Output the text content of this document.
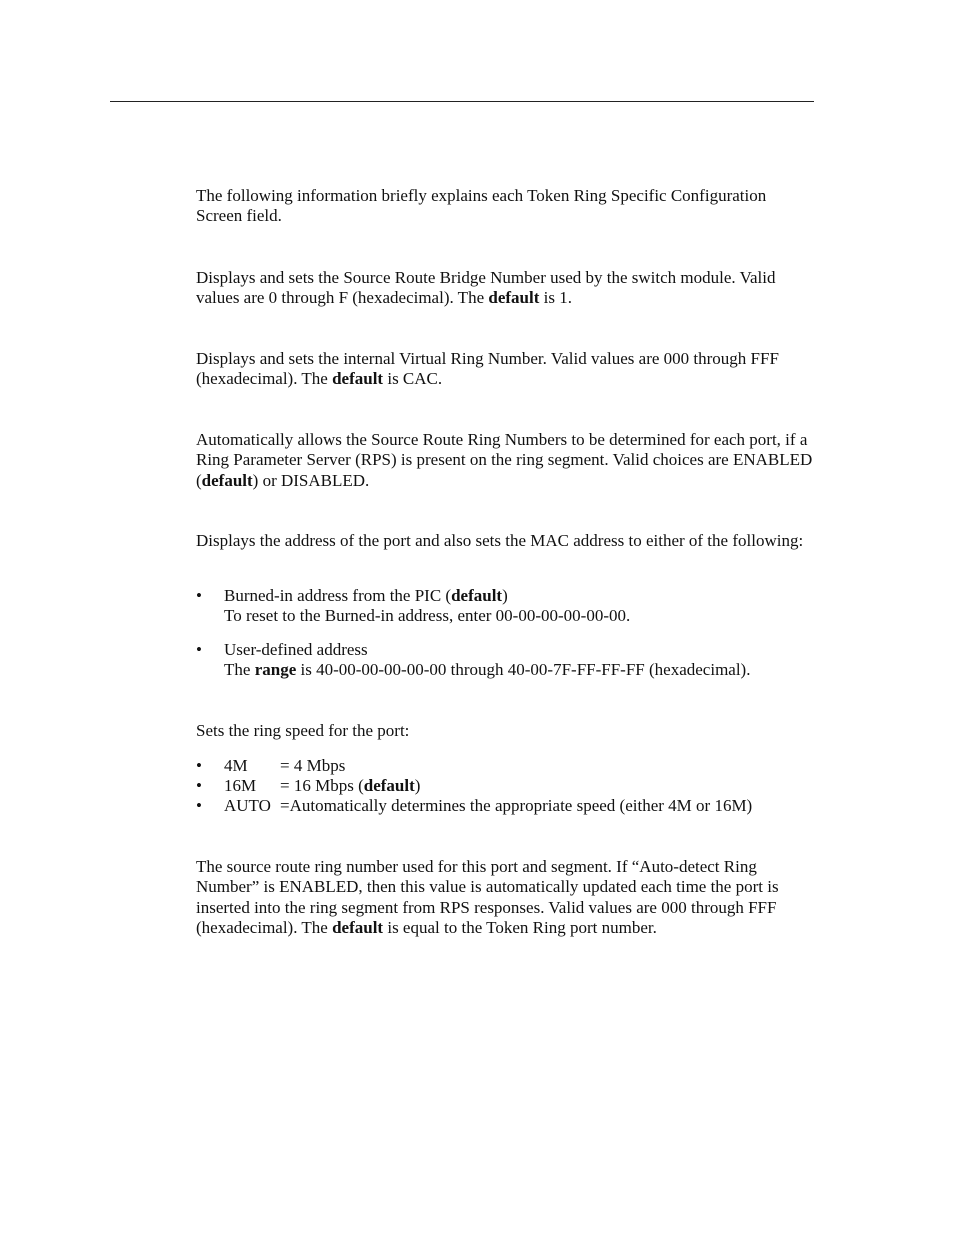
The following information briefly explains each Token Ring Specific Configuration Screen field.

Displays and sets the Source Route Bridge Number used by the switch module. Valid values are 0 through F (hexadecimal). The default is 1.

Displays and sets the internal Virtual Ring Number. Valid values are 000 through FFF (hexadecimal). The default is CAC.

Automatically allows the Source Route Ring Numbers to be determined for each port, if a Ring Parameter Server (RPS) is present on the ring segment. Valid choices are ENABLED (default) or DISABLED.

Displays the address of the port and also sets the MAC address to either of the following:

• Burned-in address from the PIC (default)
To reset to the Burned-in address, enter 00-00-00-00-00-00.
• User-defined address
The range is 40-00-00-00-00-00 through 40-00-7F-FF-FF-FF (hexadecimal).

Sets the ring speed for the port:

• 4M = 4 Mbps
• 16M = 16 Mbps (default)
• AUTO =Automatically determines the appropriate speed (either 4M or 16M)

The source route ring number used for this port and segment. If “Auto-detect Ring Number” is ENABLED, then this value is automatically updated each time the port is inserted into the ring segment from RPS responses. Valid values are 000 through FFF (hexadecimal). The default is equal to the Token Ring port number.
